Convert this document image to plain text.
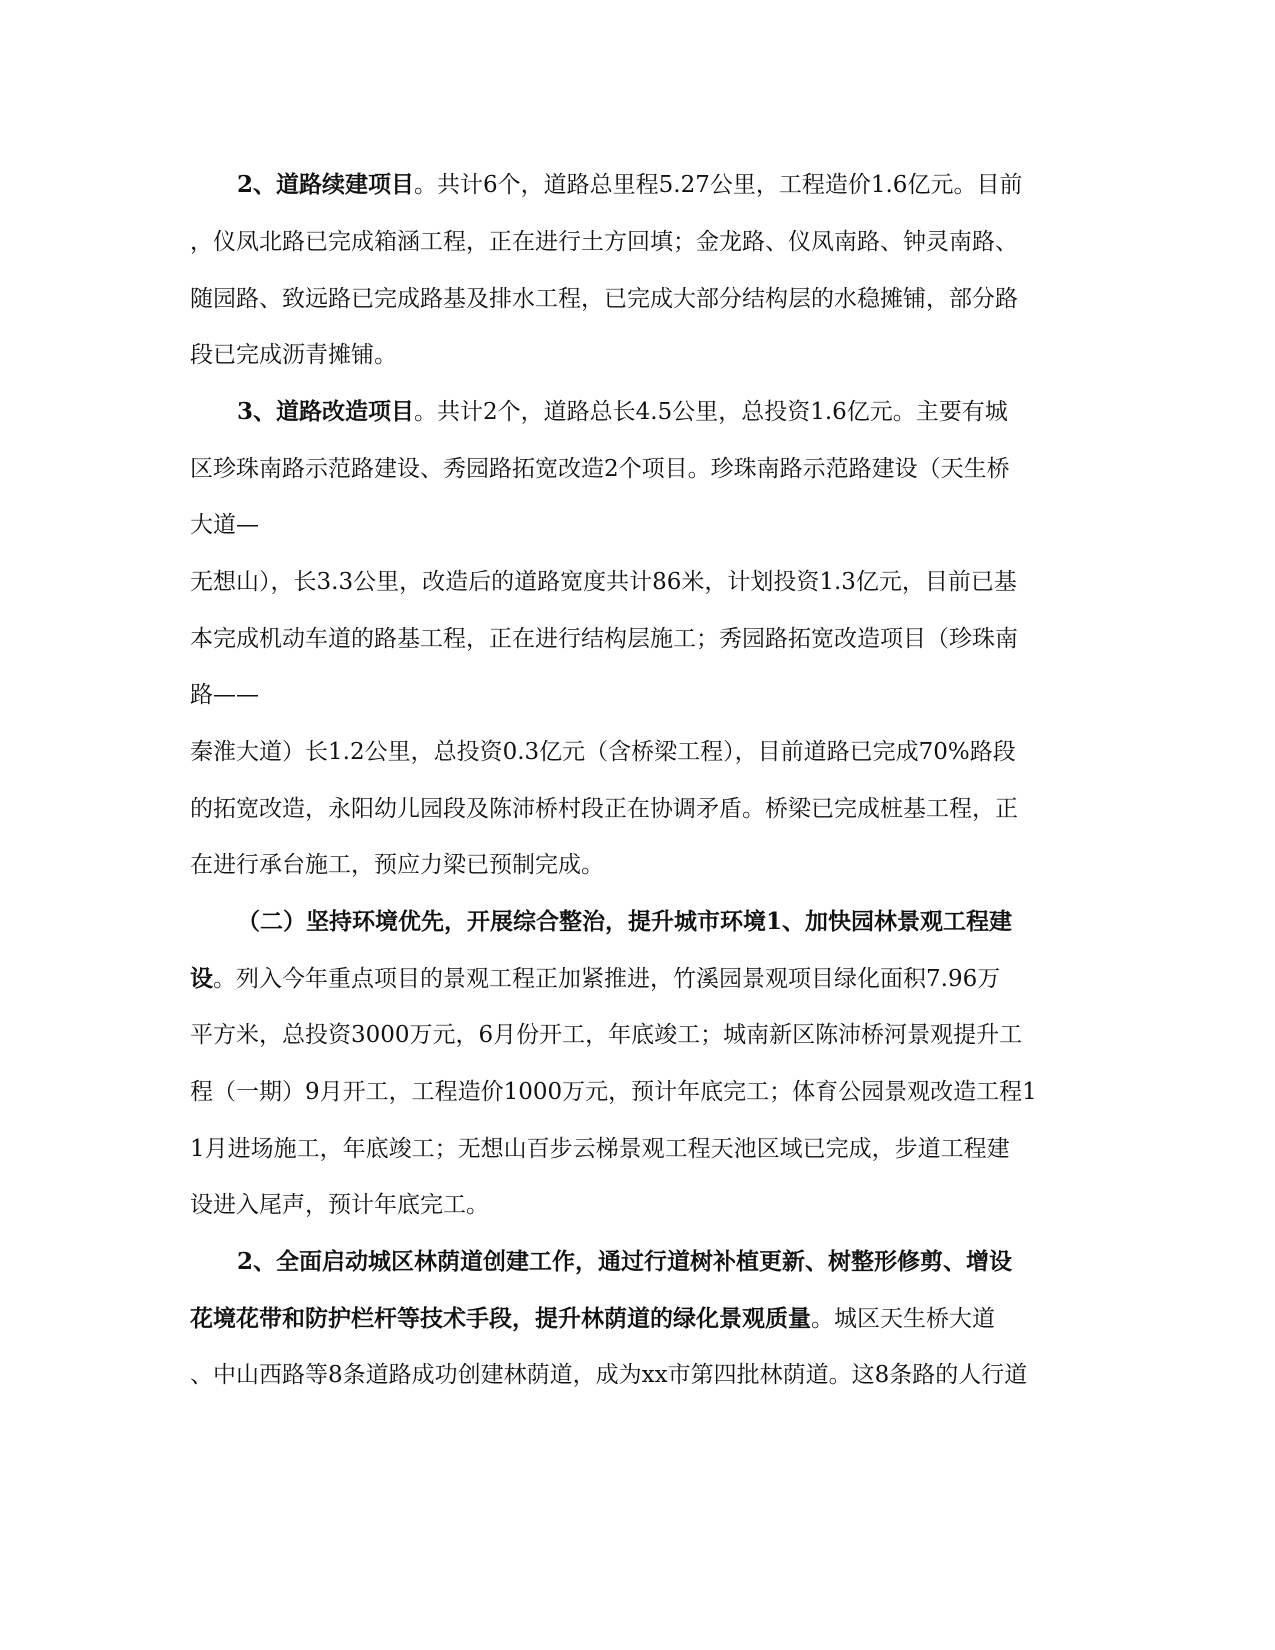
2、道路续建项目。共计6个，道路总里程5.27公里，工程造价1.6亿元。目前
，仪凤北路已完成箱涵工程，正在进行土方回填；金龙路、仪凤南路、钟灵南路、
随园路、致远路已完成路基及排水工程，已完成大部分结构层的水稳摊铺，部分路
段已完成沥青摊铺。
3、道路改造项目。共计2个，道路总长4.5公里，总投资1.6亿元。主要有城
区珍珠南路示范路建设、秀园路拓宽改造2个项目。珍珠南路示范路建设（天生桥
大道—
无想山），长3.3公里，改造后的道路宽度共计86米，计划投资1.3亿元，目前已基
本完成机动车道的路基工程，正在进行结构层施工；秀园路拓宽改造项目（珍珠南
路——
秦淮大道）长1.2公里，总投资0.3亿元（含桥梁工程），目前道路已完成70%路段
的拓宽改造，永阳幼儿园段及陈沛桥村段正在协调矛盾。桥梁已完成桩基工程，正
在进行承台施工，预应力梁已预制完成。
（二）坚持环境优先，开展综合整治，提升城市环境1、加快园林景观工程建
设。列入今年重点项目的景观工程正加紧推进，竹溪园景观项目绿化面积7.96万
平方米，总投资3000万元，6月份开工，年底竣工；城南新区陈沛桥河景观提升工
程（一期）9月开工，工程造价1000万元，预计年底完工；体育公园景观改造工程1
1月进场施工，年底竣工；无想山百步云梯景观工程天池区域已完成，步道工程建
设进入尾声，预计年底完工。
2、全面启动城区林荫道创建工作，通过行道树补植更新、树整形修剪、增设
花境花带和防护栏杆等技术手段，提升林荫道的绿化景观质量。城区天生桥大道
、中山西路等8条道路成功创建林荫道，成为xx市第四批林荫道。这8条路的人行道
